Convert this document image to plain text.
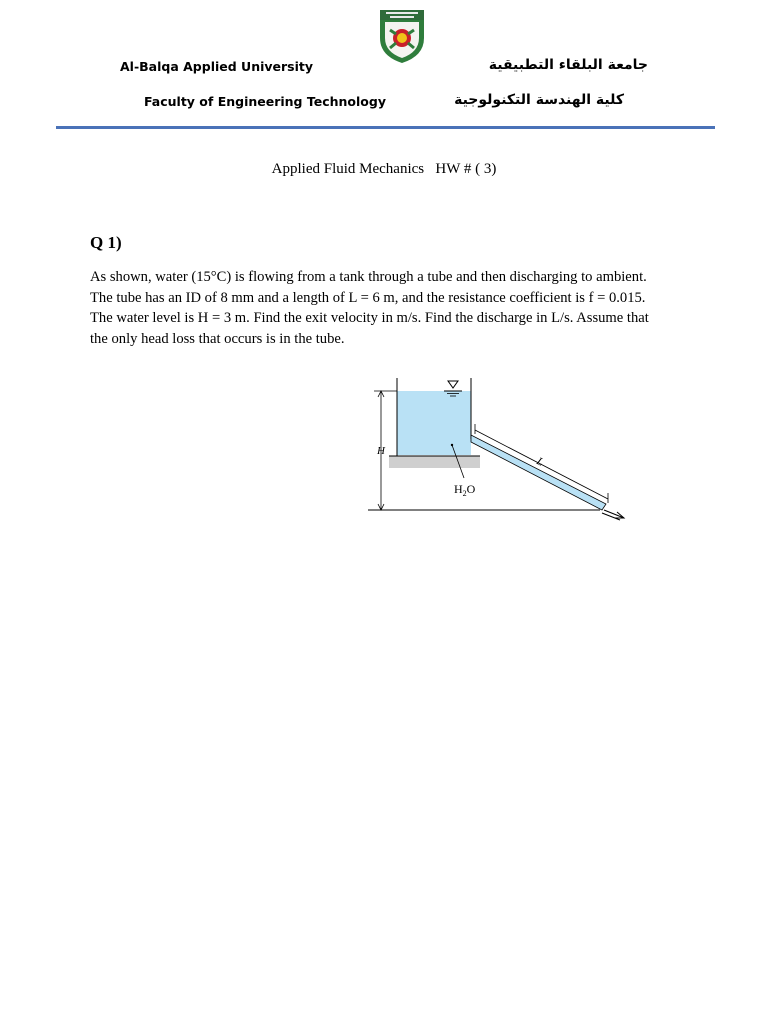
Al-Balqa Applied University
Faculty of Engineering Technology
جامعة البلقاء التطبيقية
كلية الهندسة التكنولوجية
Applied Fluid Mechanics   HW # ( 3)
Q 1)

As shown, water (15°C) is flowing from a tank through a tube and then discharging to ambient.

The tube has an ID of 8 mm and a length of L = 6 m, and the resistance coefficient is f = 0.015.

The water level is H = 3 m. Find the exit velocity in m/s. Find the discharge in L/s. Assume that

the only head loss that occurs is in the tube.

L
H
$H_2O$
